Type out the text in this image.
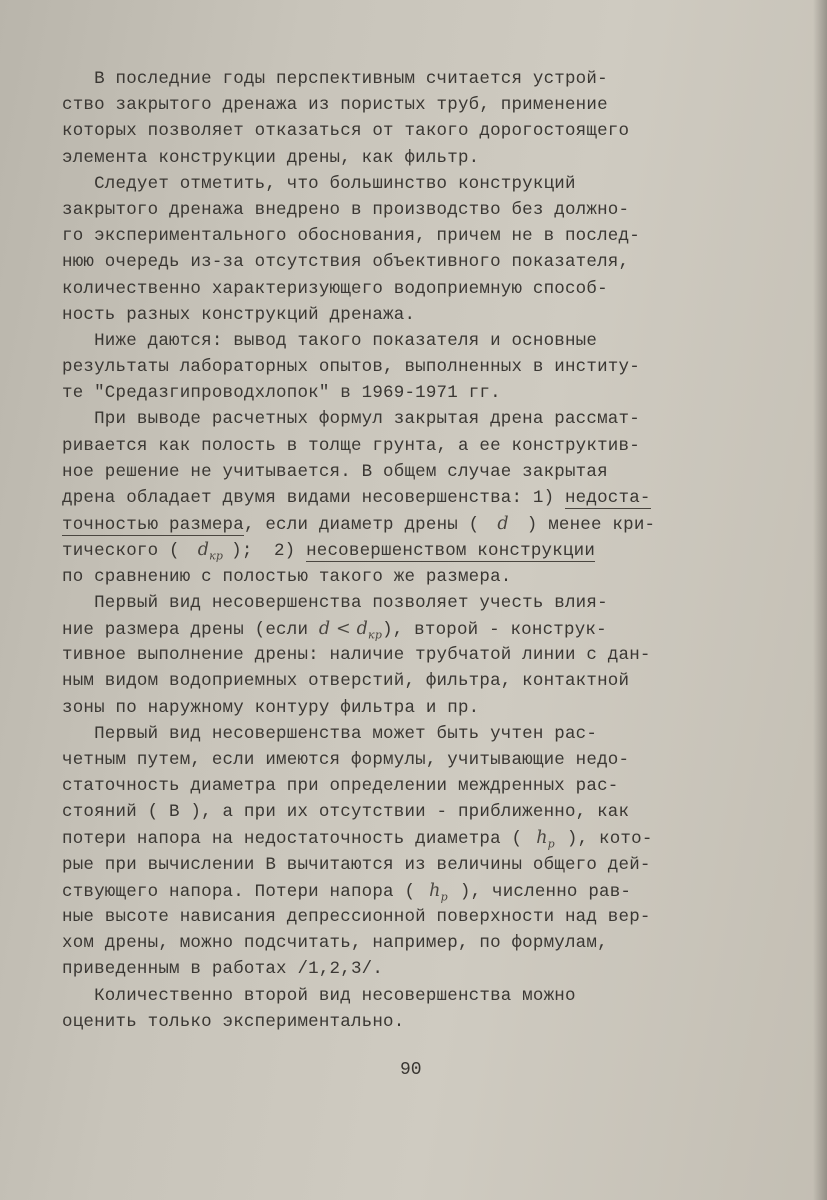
В последние годы перспективным считается устрой-
ство закрытого дренажа из пористых труб, применение
которых позволяет отказаться от такого дорогостоящего
элемента конструкции дрены, как фильтр.
Следует отметить, что большинство конструкций
закрытого дренажа внедрено в производство без должно-
го экспериментального обоснования, причем не в послед-
нюю очередь из-за отсутствия объективного показателя,
количественно характеризующего водоприемную способ-
ность разных конструкций дренажа.
Ниже даются: вывод такого показателя и основные
результаты лабораторных опытов, выполненных в институ-
те "Средазгипроводхлопок" в 1969-1971 гг.
При выводе расчетных формул закрытая дрена рассмат-
ривается как полость в толще грунта, а ее конструктив-
ное решение не учитывается. В общем случае закрытая
дрена обладает двумя видами несовершенства: 1) недоста-
точностью размера, если диаметр дрены ( d ) менее кри-
тического ( $d_{кр}$ );  2) несовершенством конструкции
по сравнению с полостью такого же размера.
Первый вид несовершенства позволяет учесть влия-
ние размера дрены (если $d < d_{кр}$), второй - конструк-
тивное выполнение дрены: наличие трубчатой линии с дан-
ным видом водоприемных отверстий, фильтра, контактной
зоны по наружному контуру фильтра и пр.
Первый вид несовершенства может быть учтен рас-
четным путем, если имеются формулы, учитывающие недо-
статочность диаметра при определении междренных рас-
стояний ( В ), а при их отсутствии - приближенно, как
потери напора на недостаточность диаметра ( $h_р$ ), кото-
рые при вычислении В вычитаются из величины общего дей-
ствующего напора. Потери напора ( $h_р$ ), численно рав-
ные высоте нависания депрессионной поверхности над вер-
хом дрены, можно подсчитать, например, по формулам,
приведенным в работах /1,2,3/.
Количественно второй вид несовершенства можно
оценить только экспериментально.
90
